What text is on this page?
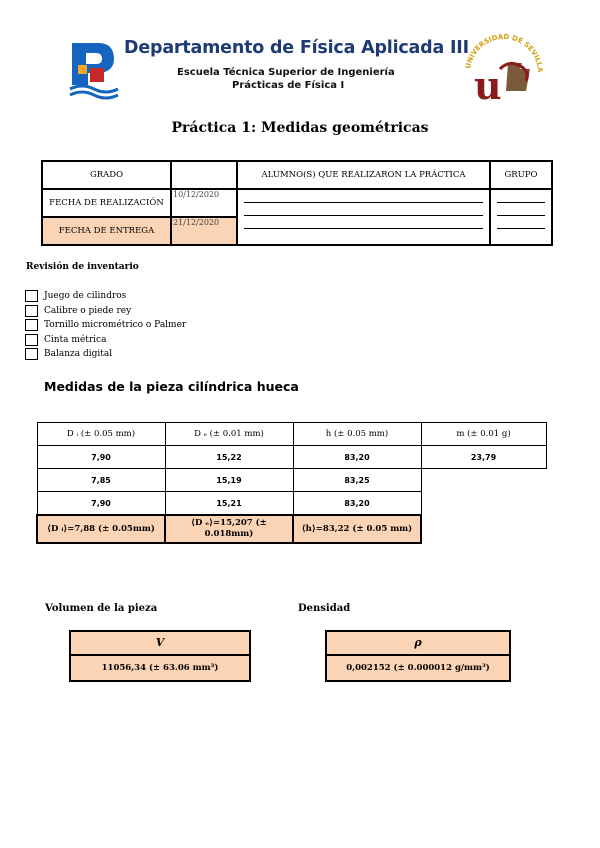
Departamento de Física Aplicada III
Escuela Técnica Superior de Ingeniería
Prácticas de Física I
UNIVERSIDAD DE SEVILLA
u
Práctica 1: Medidas geométricas
GRADO		ALUMNO(S) QUE REALIZARON LA PRÁCTICA	GRUPO
FECHA DE REALIZACIÓN	10/12/2020	

FECHA DE ENTREGA	21/12/2020		
Revisión de inventario
Juego de cilindros
Calibre o piede rey
Tornillo micrométrico o Palmer
Cinta métrica
Balanza digital
Medidas de la pieza cilíndrica hueca
D ᵢ (± 0.05 mm)	D ₑ (± 0.01 mm)	h (± 0.05 mm)	m (± 0.01 g)
7,90	15,22	83,20	23,79
7,85	15,19	83,25	
7,90	15,21	83,20	
⟨D ᵢ⟩=7,88 (± 0.05mm)	⟨D ₑ⟩=15,207 (± 0.018mm)	⟨h⟩=83,22 (± 0.05 mm)	
Volumen de la pieza	Densidad
V
11056,34 (± 63.06 mm³)
ρ
0,002152 (± 0.000012 g/mm³)
